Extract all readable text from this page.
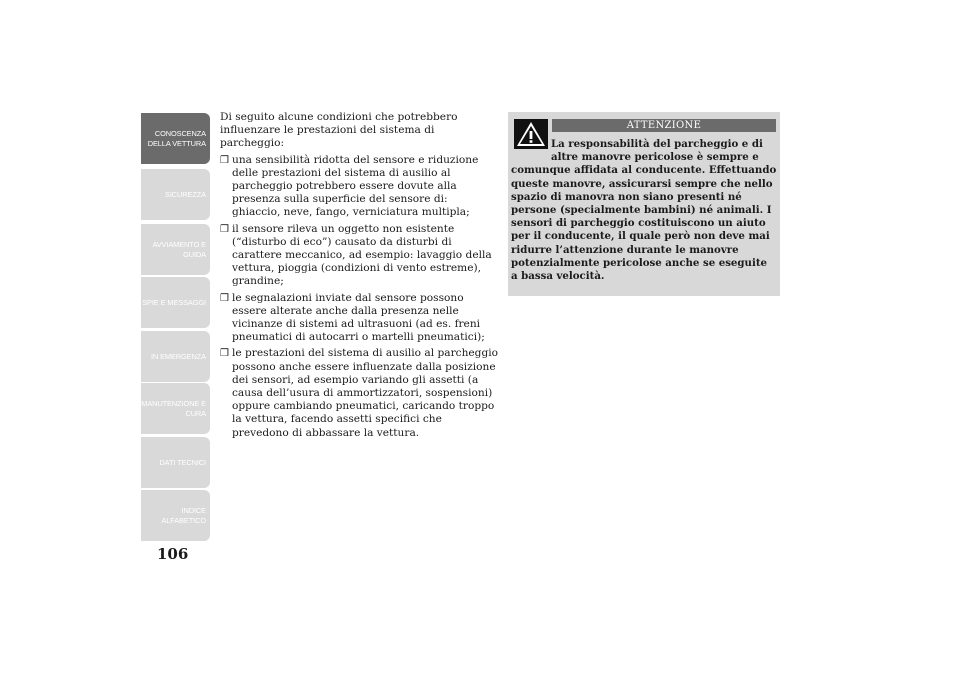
CONOSCENZA
DELLA VETTURA
SICUREZZA
AVVIAMENTO E
GUIDA
SPIE E MESSAGGI
IN EMERGENZA
MANUTENZIONE E
CURA
DATI TECNICI
INDICE
ALFABETICO
106

Di seguito alcune condizioni che potrebbero influenzare le prestazioni del sistema di parcheggio:

❒ una sensibilità ridotta del sensore e riduzione delle prestazioni del sistema di ausilio al parcheggio potrebbero essere dovute alla presenza sulla superficie del sensore di: ghiaccio, neve, fango, verniciatura multipla;
❒ il sensore rileva un oggetto non esistente (“disturbo di eco”) causato da disturbi di carattere meccanico, ad esempio: lavaggio della vettura, pioggia (condizioni di vento estreme), grandine;
❒ le segnalazioni inviate dal sensore possono essere alterate anche dalla presenza nelle vicinanze di sistemi ad ultrasuoni (ad es. freni pneumatici di autocarri o martelli pneumatici);
❒ le prestazioni del sistema di ausilio al parcheggio possono anche essere influenzate dalla posizione dei sensori, ad esempio variando gli assetti (a causa dell’usura di ammortizzatori, sospensioni) oppure cambiando pneumatici, caricando troppo la vettura, facendo assetti specifici che prevedono di abbassare la vettura.
ATTENZIONE
La responsabilità del parcheggio e di altre manovre pericolose è sempre e
comunque affidata al conducente. Effettuando queste manovre, assicurarsi sempre che nello spazio di manovra non siano presenti né persone (specialmente bambini) né animali. I sensori di parcheggio costituiscono un aiuto per il conducente, il quale però non deve mai ridurre l’attenzione durante le manovre potenzialmente pericolose anche se eseguite a bassa velocità.
